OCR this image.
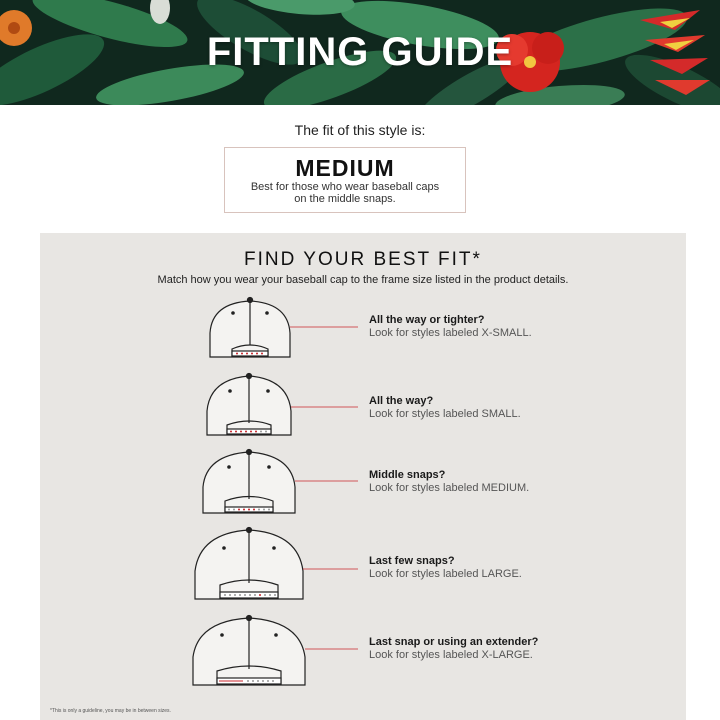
FITTING GUIDE
The fit of this style is:
MEDIUM
Best for those who wear baseball caps on the middle snaps.
FIND YOUR BEST FIT*
Match how you wear your baseball cap to the frame size listed in the product details.
All the way or tighter?
Look for styles labeled X-SMALL.
All the way?
Look for styles labeled SMALL.
Middle snaps?
Look for styles labeled MEDIUM.
Last few snaps?
Look for styles labeled LARGE.
Last snap or using an extender?
Look for styles labeled X-LARGE.
*This is only a guideline, you may be in between sizes.
